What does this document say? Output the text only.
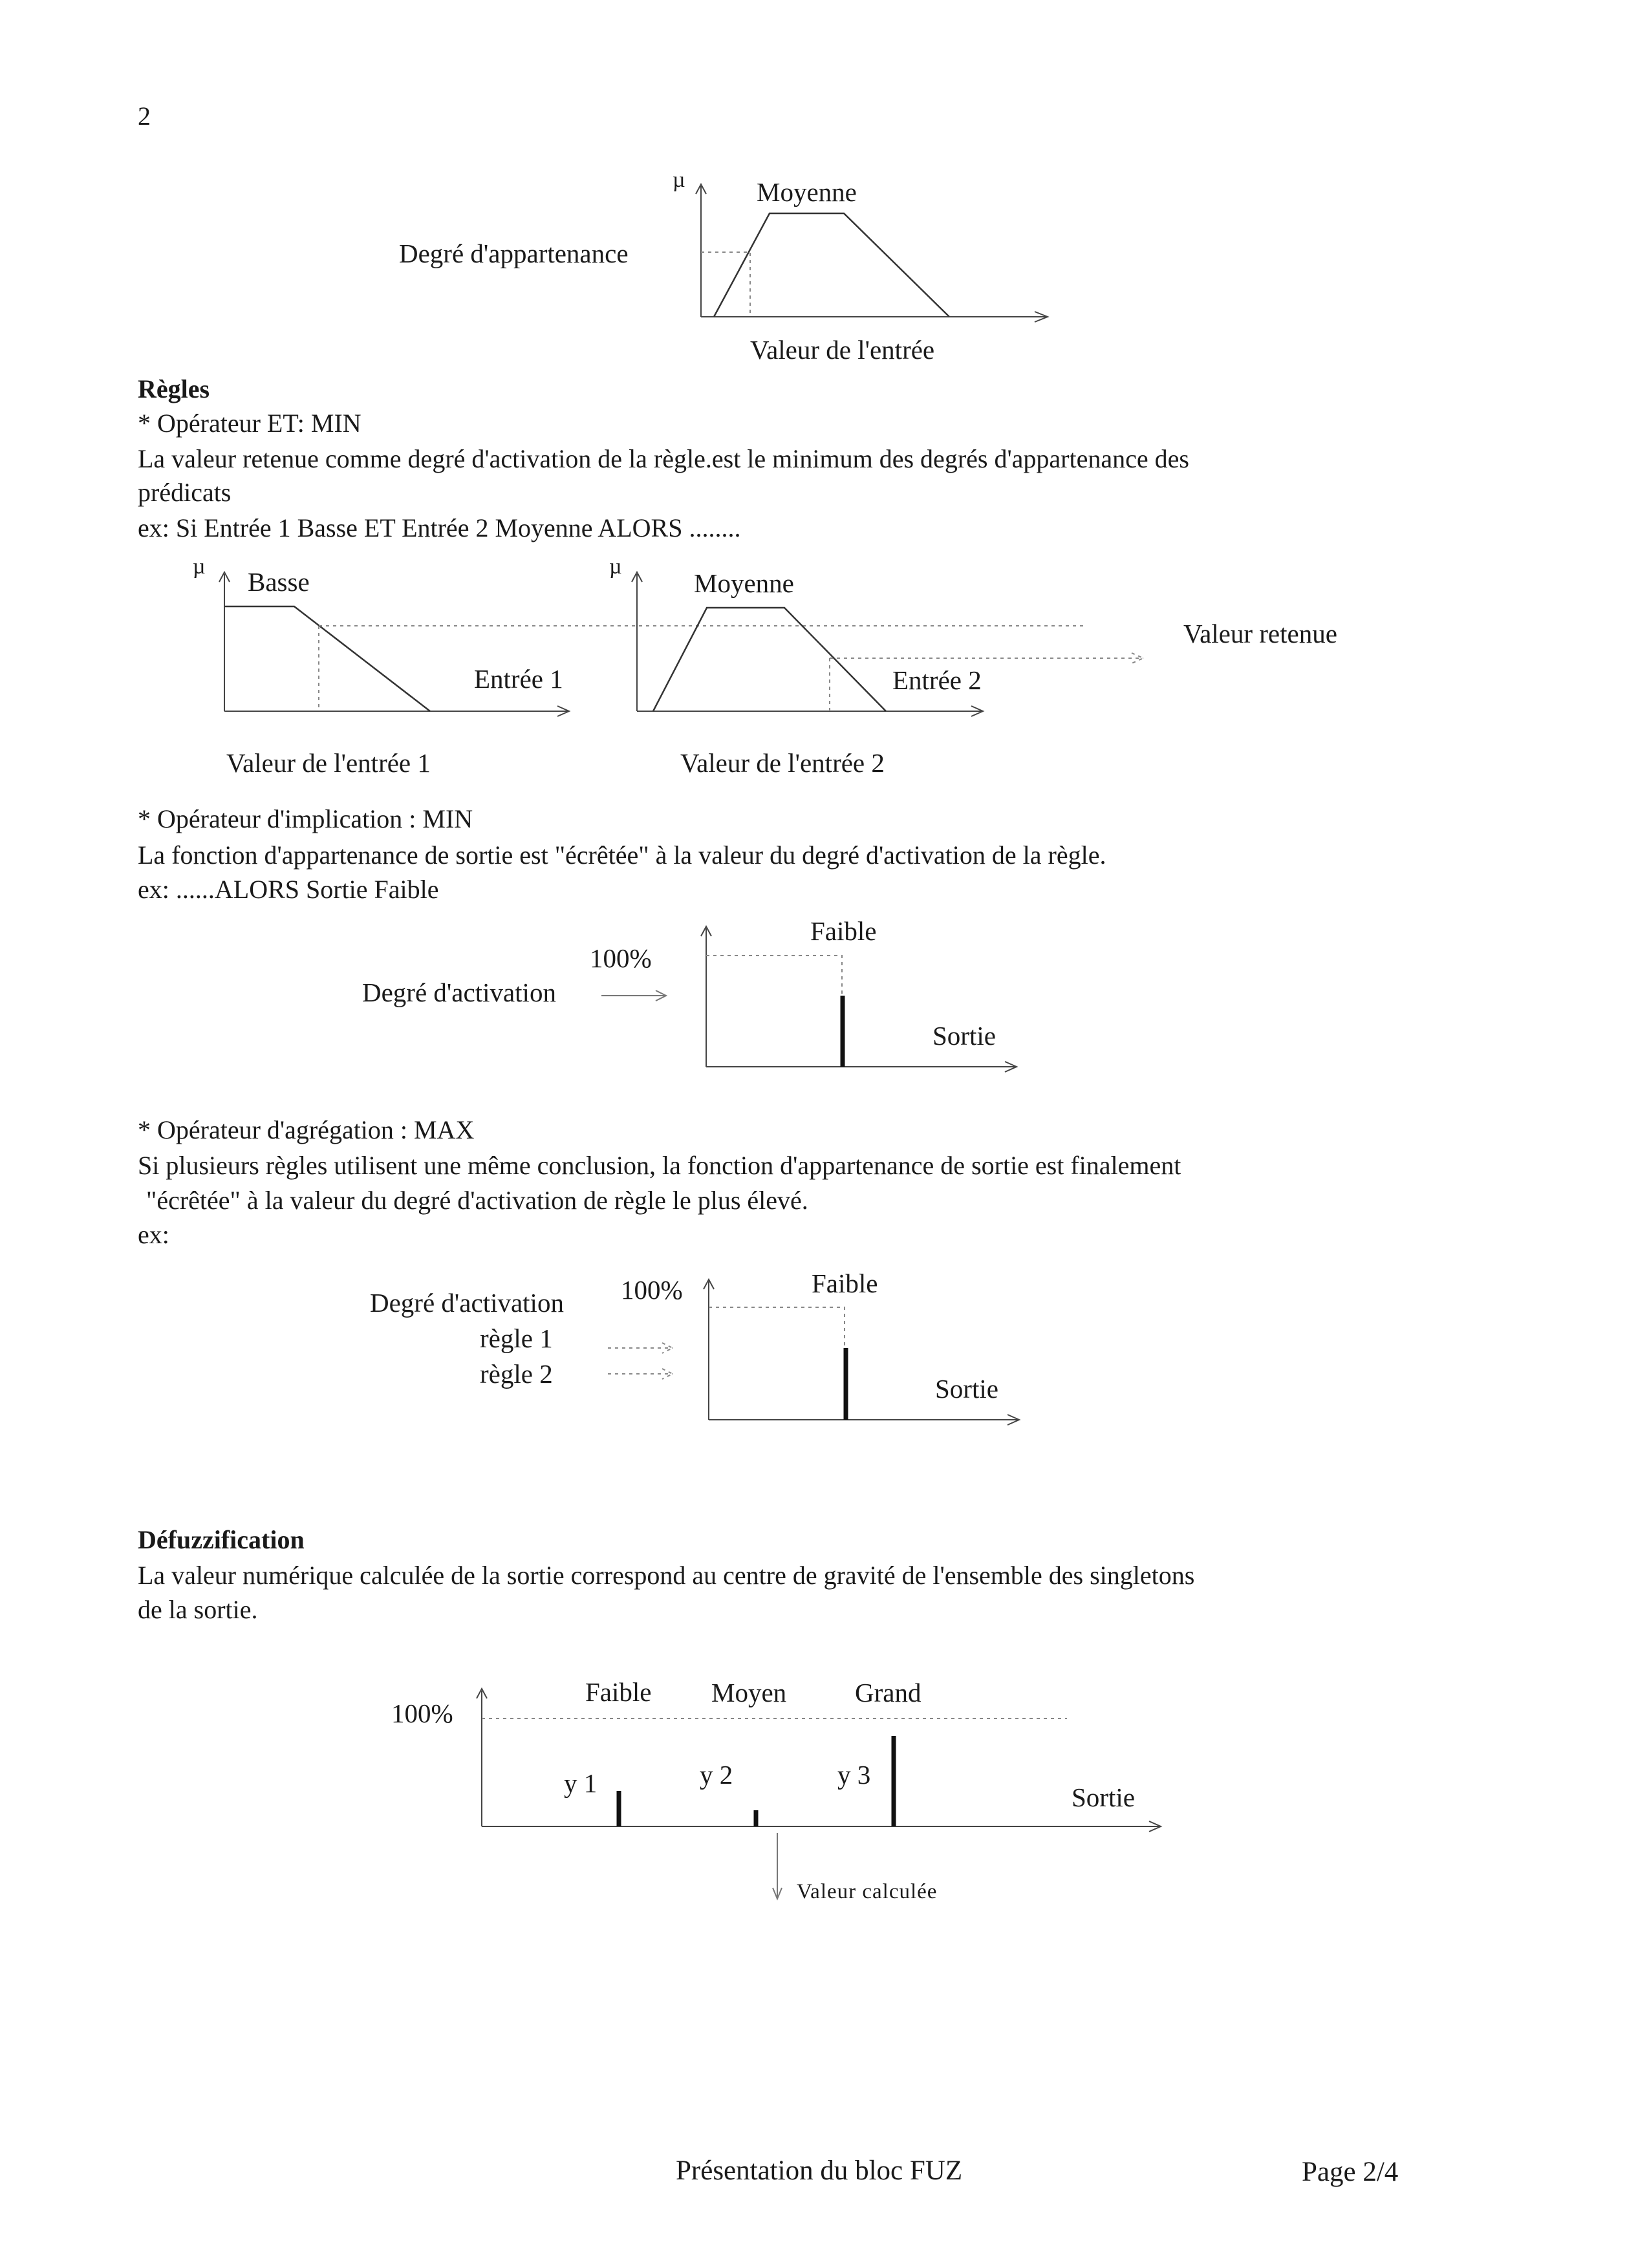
2
µ	Moyenne
Degré d'appartenance
Valeur de l'entrée
Règles
* Opérateur ET: MIN
La valeur retenue comme degré d'activation de la règle.est le minimum des degrés d'appartenance des
prédicats
ex: Si Entrée 1 Basse ET Entrée 2 Moyenne ALORS ........
µ
Basse
Entrée 1
Valeur de l'entrée 1
µ
Moyenne
Entrée 2
Valeur de l'entrée 2
Valeur retenue
* Opérateur d'implication : MIN
La fonction d'appartenance de sortie est "écrêtée" à la valeur du degré d'activation de la règle.
ex: ......ALORS Sortie Faible
Faible
100%
Degré d'activation
Sortie
* Opérateur d'agrégation : MAX
Si plusieurs règles utilisent une même conclusion, la fonction d'appartenance de sortie est finalement
"écrêtée" à la valeur du degré d'activation de règle le plus élevé.
ex:
Faible
100%
Degré d'activation
règle 1
règle 2	Sortie
Défuzzification
La valeur numérique calculée de la sortie correspond au centre de gravité de l'ensemble des singletons
de la sortie.
Faible Moyen	Grand
100%
y 1	y 2	y 3
Sortie
Valeur calculée
Présentation du bloc FUZ	Page 2/4
